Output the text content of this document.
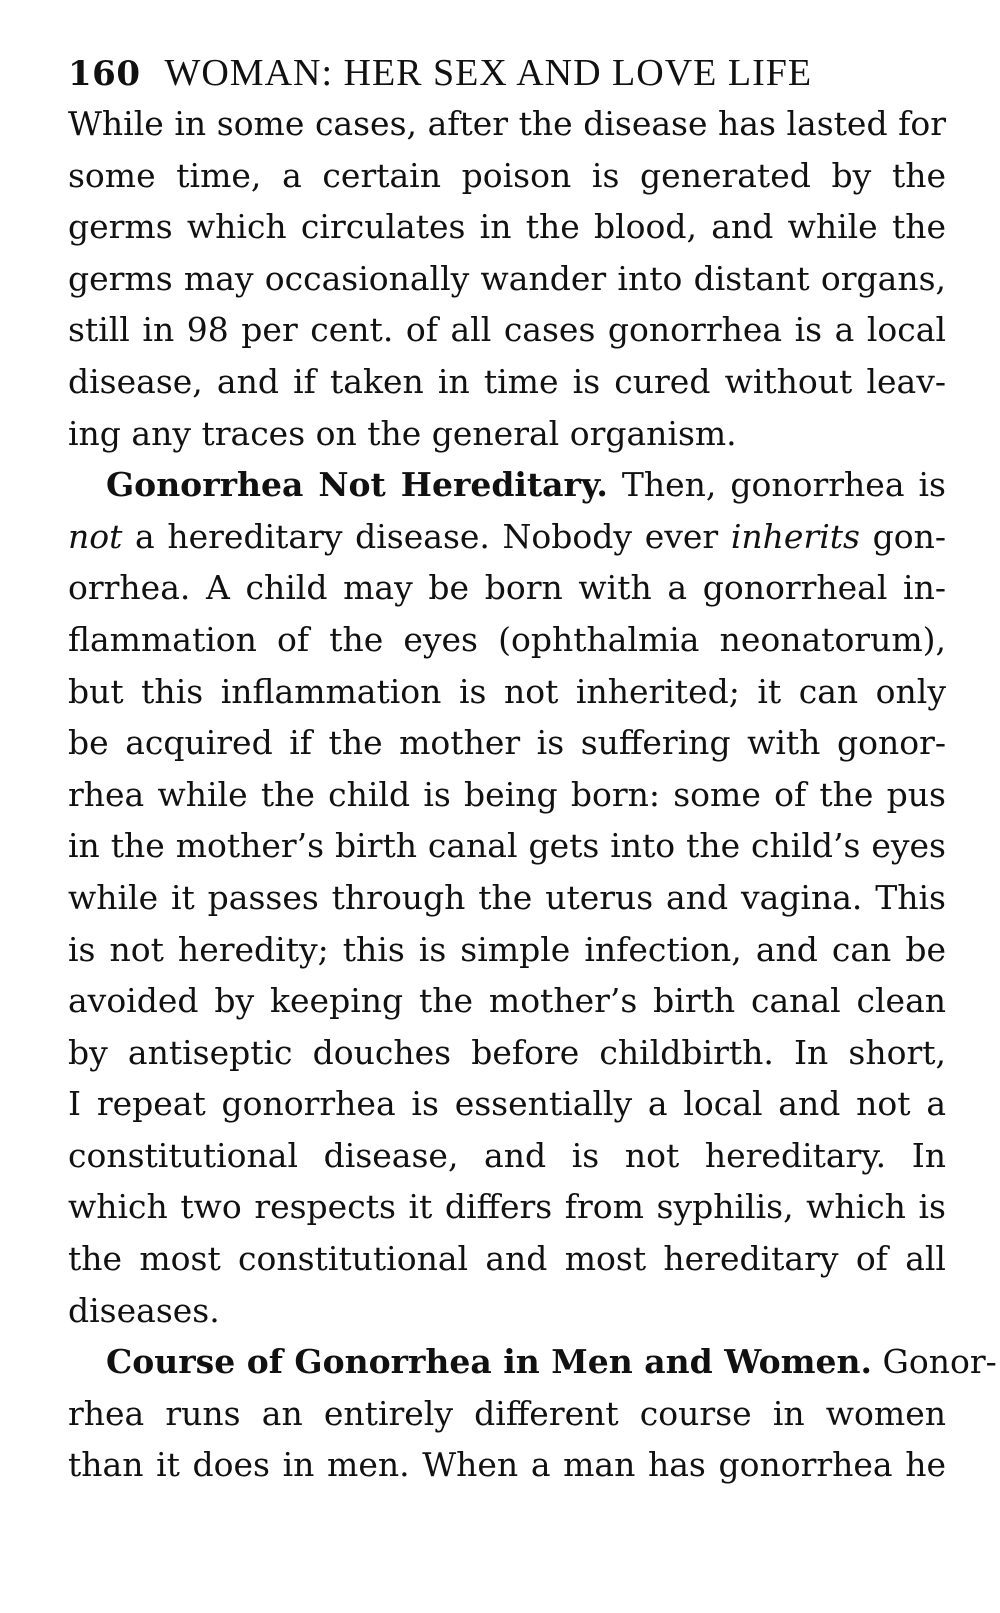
160 WOMAN: HER SEX AND LOVE LIFE
While in some cases, after the disease has lasted for
some time, a certain poison is generated by the
germs which circulates in the blood, and while the
germs may occasionally wander into distant organs,
still in 98 per cent. of all cases gonorrhea is a local
disease, and if taken in time is cured without leav-
ing any traces on the general organism.
Gonorrhea Not Hereditary. Then, gonorrhea is
not a hereditary disease. Nobody ever inherits gon-
orrhea. A child may be born with a gonorrheal in-
flammation of the eyes (ophthalmia neonatorum),
but this inflammation is not inherited; it can only
be acquired if the mother is suffering with gonor-
rhea while the child is being born: some of the pus
in the mother’s birth canal gets into the child’s eyes
while it passes through the uterus and vagina. This
is not heredity; this is simple infection, and can be
avoided by keeping the mother’s birth canal clean
by antiseptic douches before childbirth. In short,
I repeat gonorrhea is essentially a local and not a
constitutional disease, and is not hereditary. In
which two respects it differs from syphilis, which is
the most constitutional and most hereditary of all
diseases.
Course of Gonorrhea in Men and Women. Gonor-
rhea runs an entirely different course in women
than it does in men. When a man has gonorrhea he
